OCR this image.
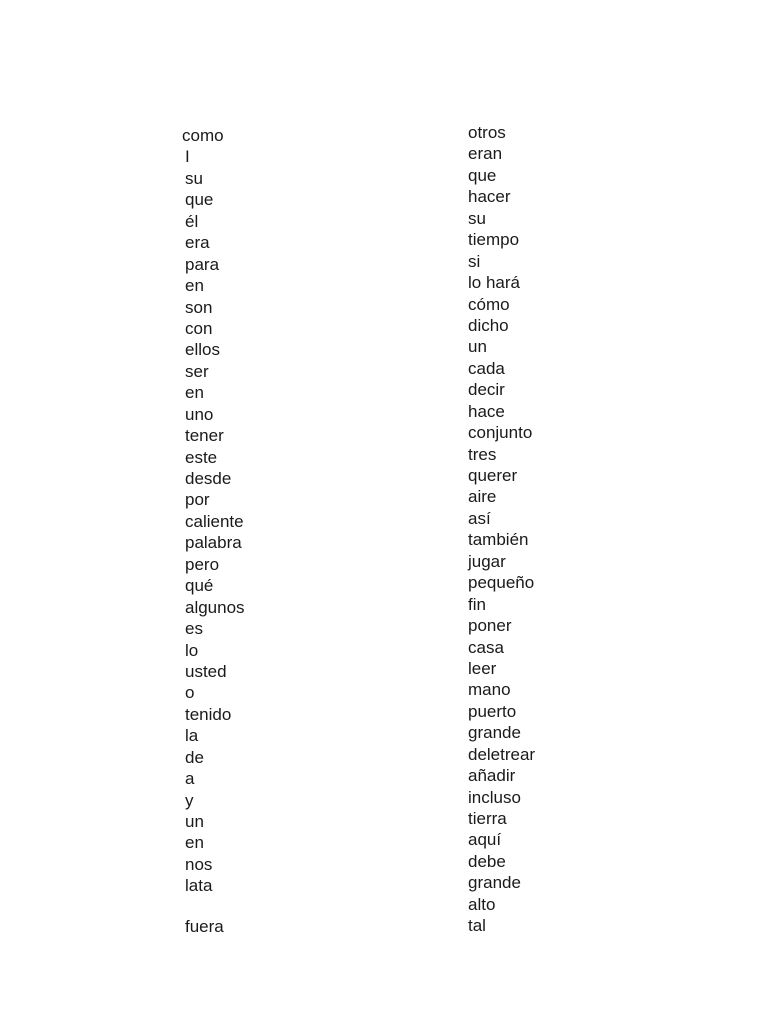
como
I
su
que
él
era
para
en
son
con
ellos
ser
en
uno
tener
este
desde
por
caliente
palabra
pero
qué
algunos
es
lo
usted
o
tenido
la
de
a
y
un
en
nos
lata
fuera
otros
eran
que
hacer
su
tiempo
si
lo hará
cómo
dicho
un
cada
decir
hace
conjunto
tres
querer
aire
así
también
jugar
pequeño
fin
poner
casa
leer
mano
puerto
grande
deletrear
añadir
incluso
tierra
aquí
debe
grande
alto
tal
